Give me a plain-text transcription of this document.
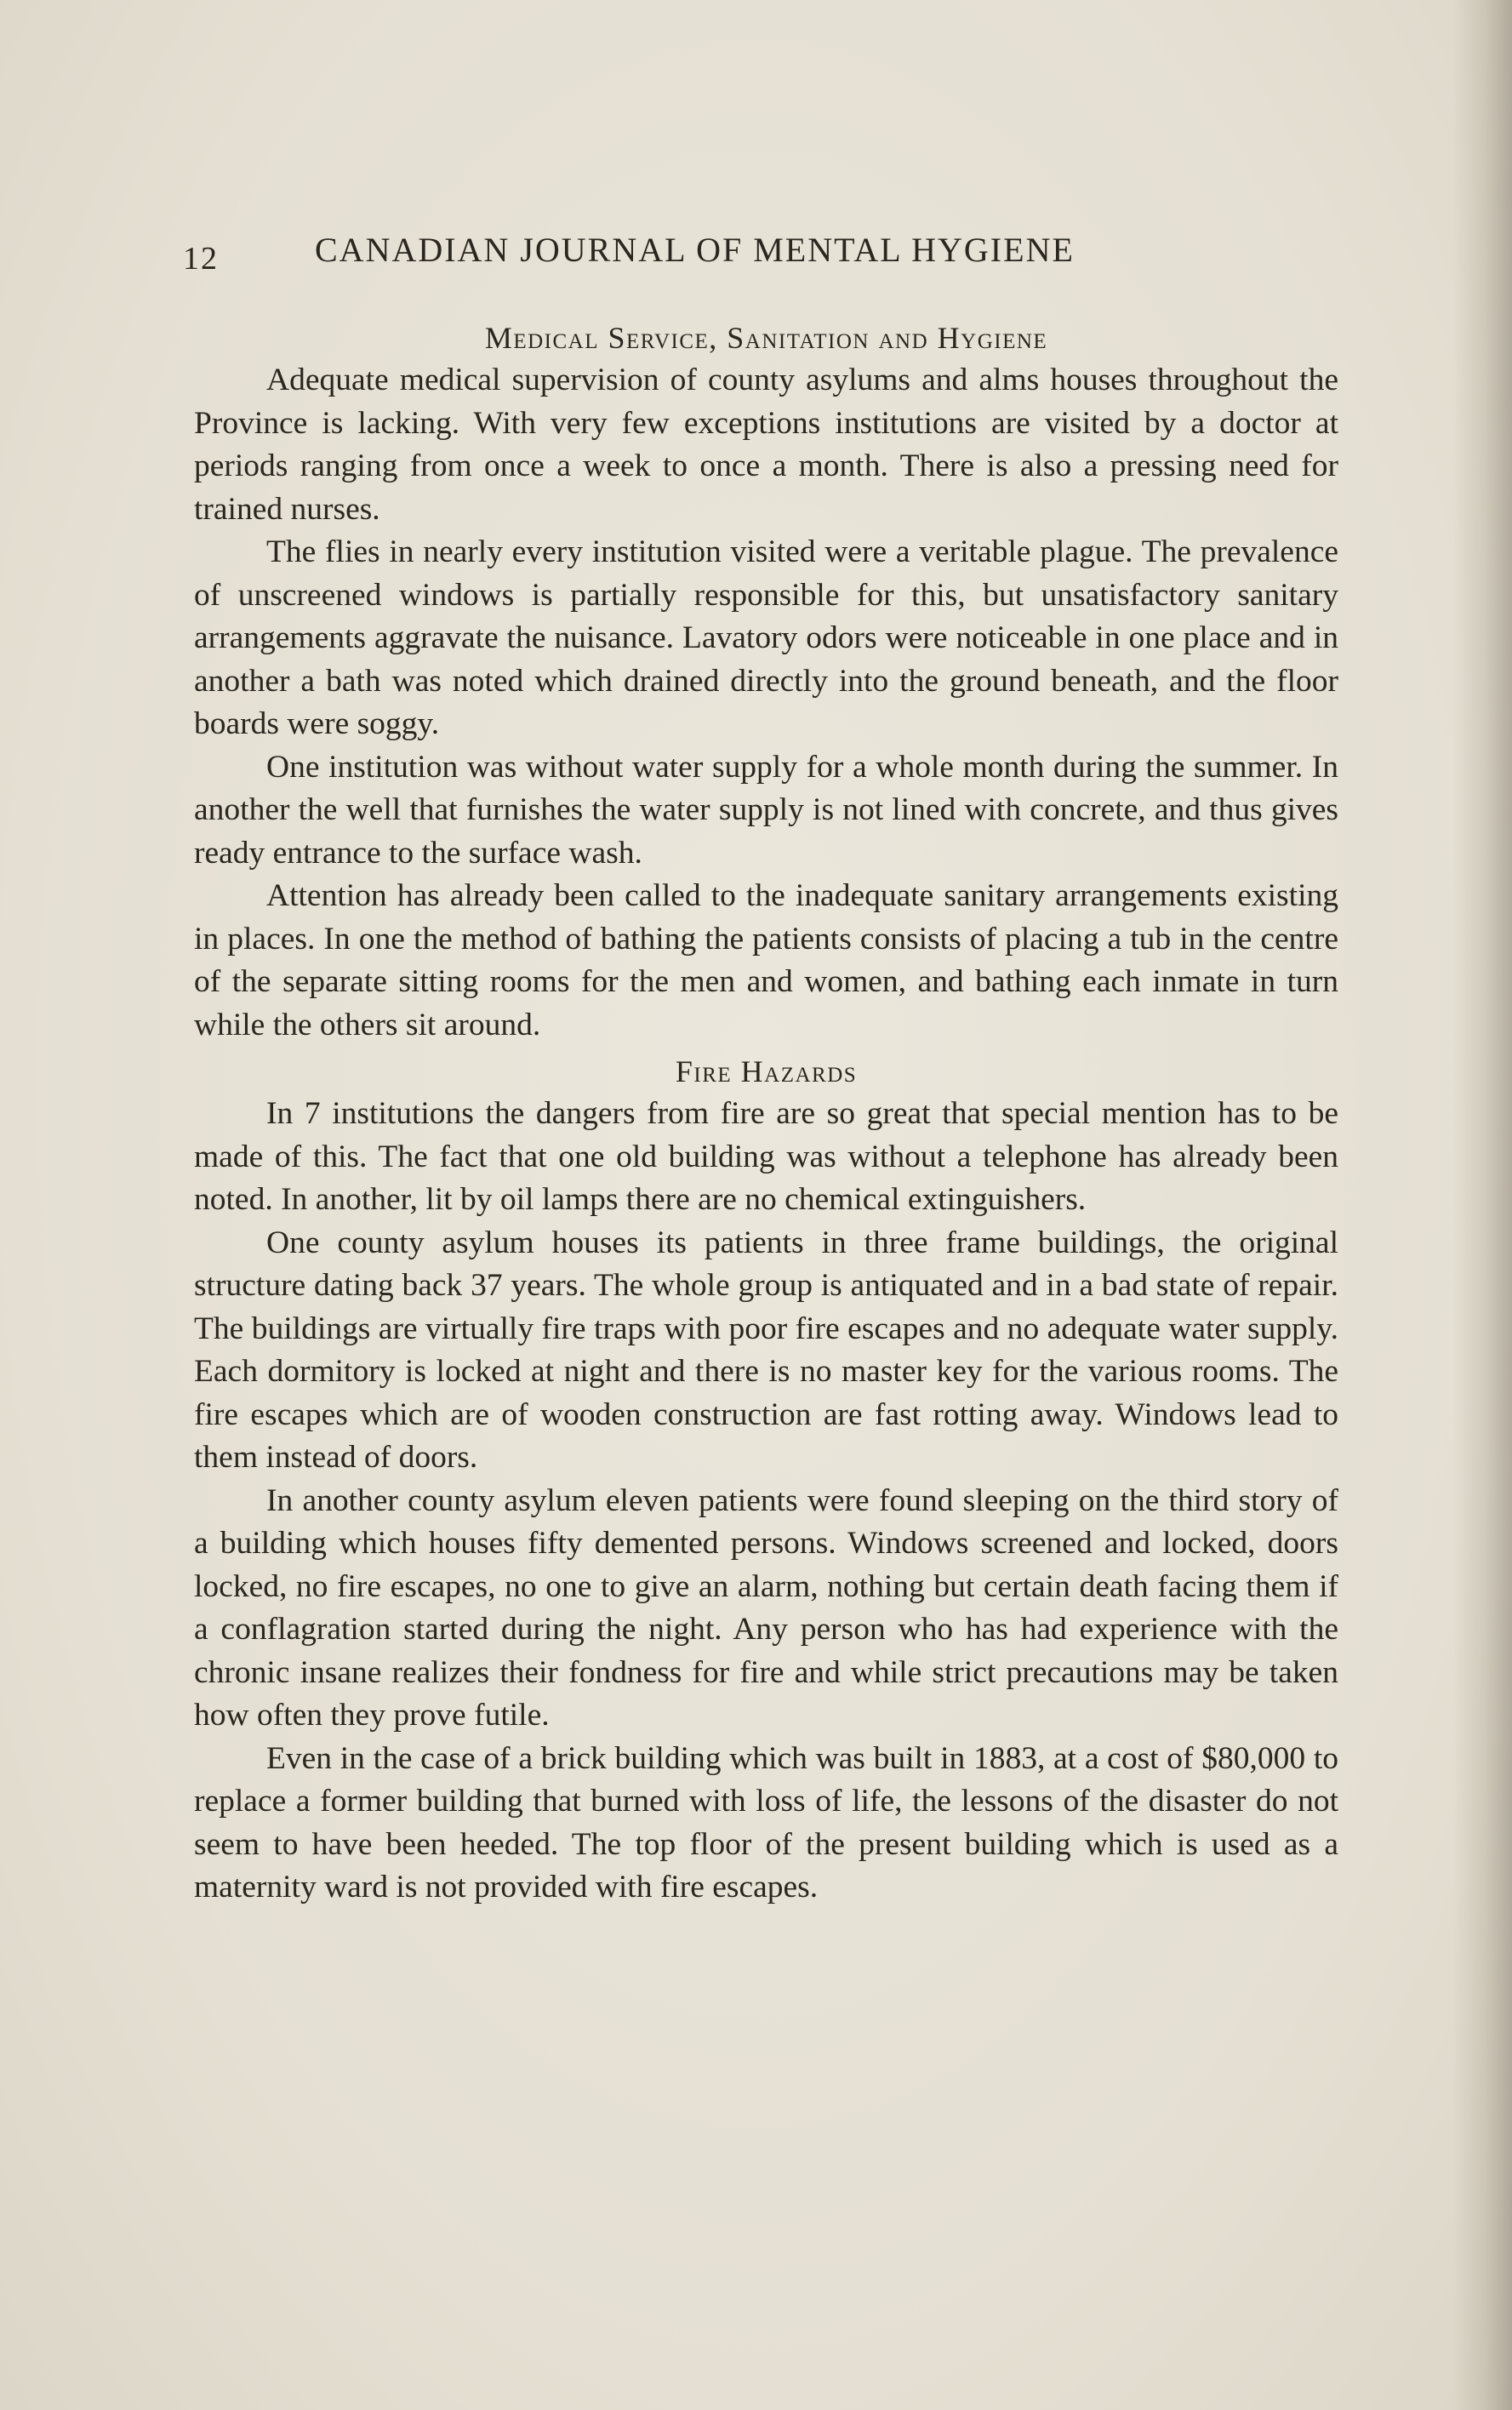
12	CANADIAN JOURNAL OF MENTAL HYGIENE
Medical Service, Sanitation and Hygiene

Adequate medical supervision of county asylums and alms houses throughout the Province is lacking. With very few exceptions institutions are visited by a doctor at periods ranging from once a week to once a month. There is also a pressing need for trained nurses.

The flies in nearly every institution visited were a veritable plague. The prevalence of unscreened windows is partially responsible for this, but unsatisfactory sanitary arrangements aggravate the nuisance. Lavatory odors were noticeable in one place and in another a bath was noted which drained directly into the ground beneath, and the floor boards were soggy.

One institution was without water supply for a whole month during the summer. In another the well that furnishes the water supply is not lined with concrete, and thus gives ready entrance to the surface wash.

Attention has already been called to the inadequate sanitary arrangements existing in places. In one the method of bathing the patients consists of placing a tub in the centre of the separate sitting rooms for the men and women, and bathing each inmate in turn while the others sit around.

Fire Hazards

In 7 institutions the dangers from fire are so great that special mention has to be made of this. The fact that one old building was without a telephone has already been noted. In another, lit by oil lamps there are no chemical extinguishers.

One county asylum houses its patients in three frame buildings, the original structure dating back 37 years. The whole group is antiquated and in a bad state of repair. The buildings are virtually fire traps with poor fire escapes and no adequate water supply. Each dormitory is locked at night and there is no master key for the various rooms. The fire escapes which are of wooden construction are fast rotting away. Windows lead to them instead of doors.

In another county asylum eleven patients were found sleeping on the third story of a building which houses fifty demented persons. Windows screened and locked, doors locked, no fire escapes, no one to give an alarm, nothing but certain death facing them if a conflagration started during the night. Any person who has had experience with the chronic insane realizes their fondness for fire and while strict precautions may be taken how often they prove futile.

Even in the case of a brick building which was built in 1883, at a cost of $80,000 to replace a former building that burned with loss of life, the lessons of the disaster do not seem to have been heeded. The top floor of the present building which is used as a maternity ward is not provided with fire escapes.
